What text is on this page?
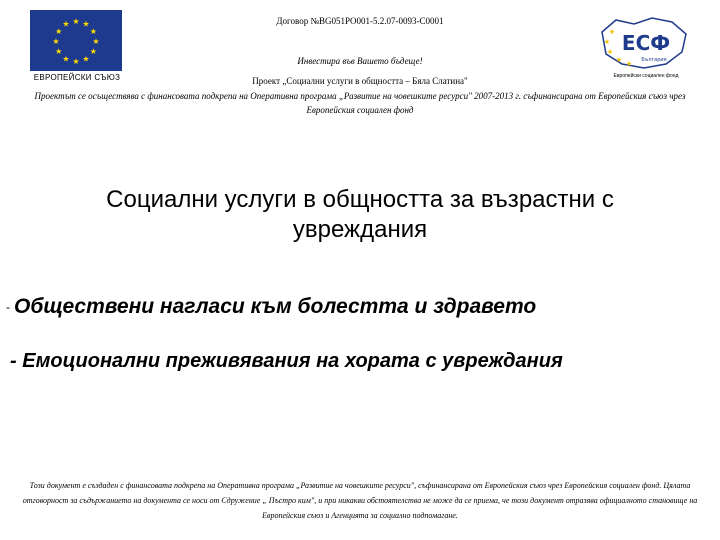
★ ★
★
★
★
★
★
★
★
★
★
★
ЕВРОПЕЙСКИ СЪЮЗ
ЕСФ
България
★
★
★
★ ★
Европейски социален фонд
Договор №BG051PO001-5.2.07-0093-C0001
Инвестира във Вашето бъдеще!
Проект „Социални услуги в общността – Бяла Слатина"
Проектът се осъществява с финансовата подкрепа на Оперативна програма „Развитие на човешките ресурси" 2007-2013 г. съфинансирана от Европейския съюз чрез Европейския социален фонд
Социални услуги в общността за възрастни с увреждания
- Обществени нагласи към болестта и здравето
- Емоционални преживявания на хората с увреждания
Този документ е създаден с финансовата подкрепа на Оперативна програма „Развитие на човешките ресурси", съфинансирана от Европейския съюз чрез Европейския социален фонд. Цялата отговорност за съдържанието на документа се носи от Сдружение „ Пъстро ким", и при никакви обстоятелства не може да се приема, че този документ отразява официалното становище на Европейския съюз и Агенцията за социално подпомагане.
